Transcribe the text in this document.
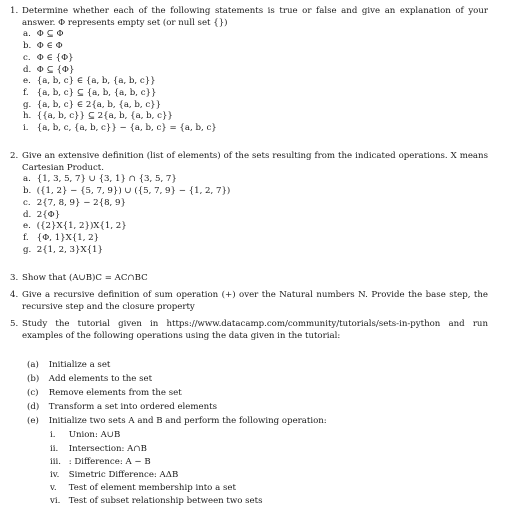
1. Determine whether each of the following statements is true or false and give an explanation of your answer. Φ represents empty set (or null set {})
a. Φ ⊆ Φ
b. Φ ∈ Φ
c. Φ ∈ {Φ}
d. Φ ⊆ {Φ}
e. {a, b, c} ∈ {a, b, {a, b, c}}
f. {a, b, c} ⊆ {a, b, {a, b, c}}
g. {a, b, c} ∈ 2{a, b, {a, b, c}}
h. {{a, b, c}} ⊆ 2{a, b, {a, b, c}}
i. {a, b, c, {a, b, c}} − {a, b, c} = {a, b, c}
2. Give an extensive definition (list of elements) of the sets resulting from the indicated operations. X means Cartesian Product.
a. {1, 3, 5, 7} ∪ {3, 1} ∩ {3, 5, 7}
b. ({1, 2} − {5, 7, 9}) ∪ ({5, 7, 9} − {1, 2, 7})
c. 2{7, 8, 9} − 2{8, 9}
d. 2{Φ}
e. ({2}X{1, 2})X{1, 2}
f. {Φ, 1}X{1, 2}
g. 2{1, 2, 3}X{1}
3. Show that (A∪B)C = AC∩BC
4. Give a recursive definition of sum operation (+) over the Natural numbers N. Provide the base step, the recursive step and the closure property
5. Study the tutorial given in https://www.datacamp.com/community/tutorials/sets-in-python and run examples of the following operations using the data given in the tutorial:
(a) Initialize a set
(b) Add elements to the set
(c) Remove elements from the set
(d) Transform a set into ordered elements
(e) Initialize two sets A and B and perform the following operation:
i. Union: A∪B
ii. Intersection: A∩B
iii. : Difference: A − B
iv. Simetric Difference: AΔB
v. Test of element membership into a set
vi. Test of subset relationship between two sets
